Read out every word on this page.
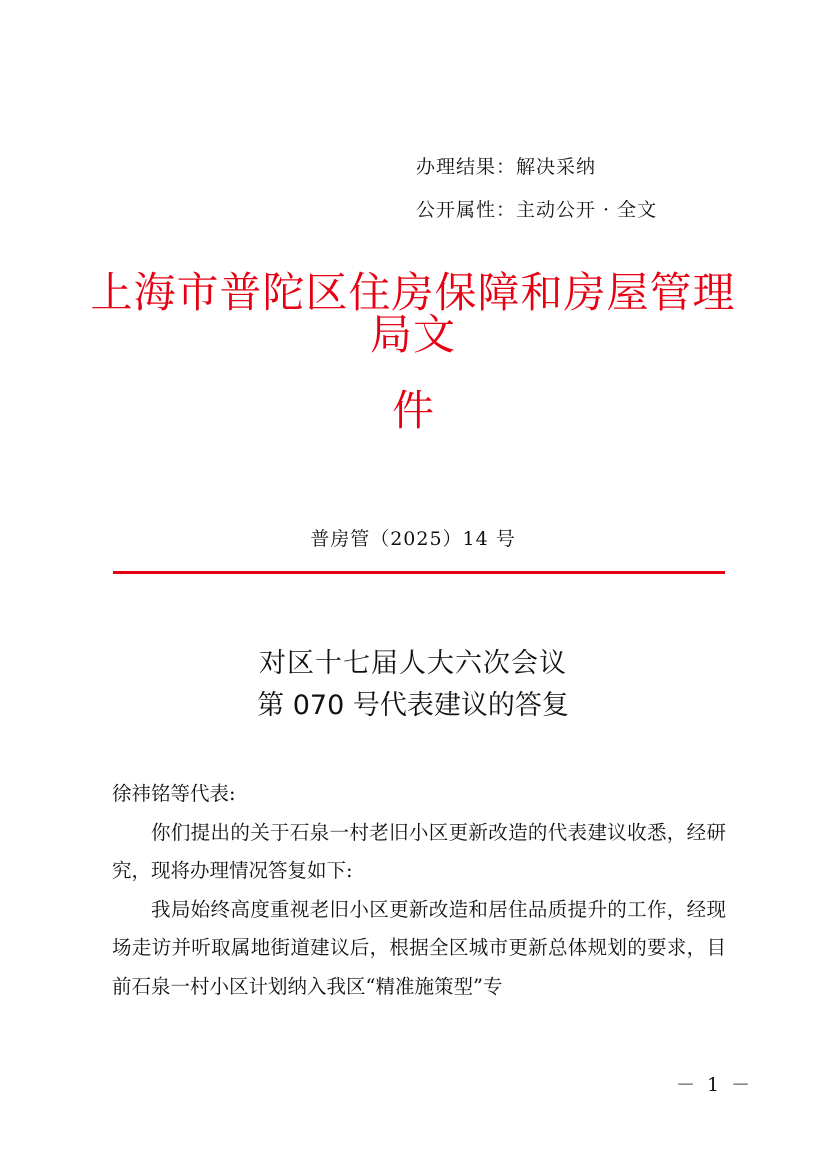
办理结果：解决采纳
公开属性：主动公开 · 全文
上海市普陀区住房保障和房屋管理局文
件
普房管（2025）14 号
对区十七届人大六次会议
第 070 号代表建议的答复

徐祎铭等代表:

你们提出的关于石泉一村老旧小区更新改造的代表建议收悉，经研究，现将办理情况答复如下:

我局始终高度重视老旧小区更新改造和居住品质提升的工作，经现场走访并听取属地街道建议后，根据全区城市更新总体规划的要求，目前石泉一村小区计划纳入我区“精准施策型”专

－ 1 －
